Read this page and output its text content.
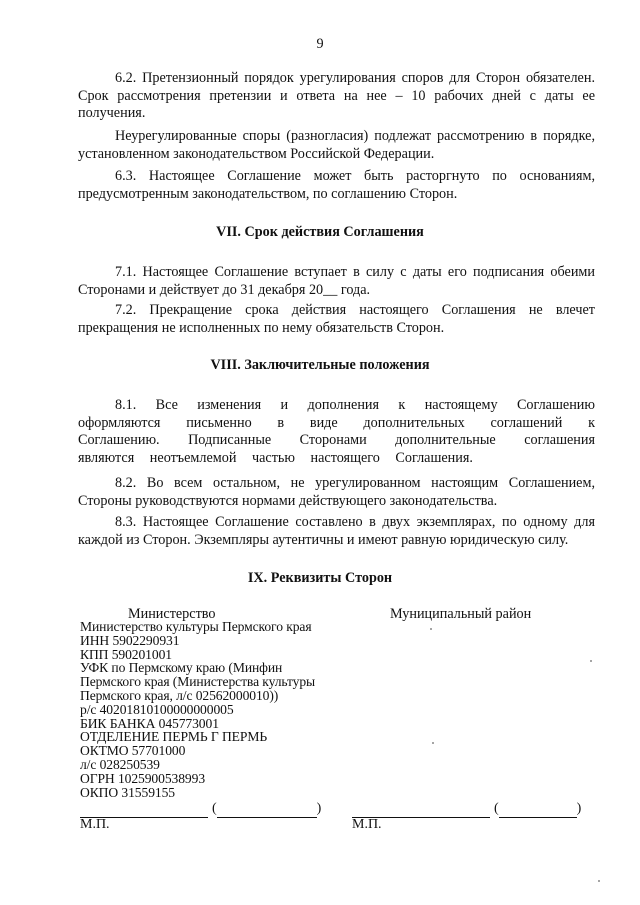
9

6.2. Претензионный порядок урегулирования споров для Сторон обязателен. Срок рассмотрения претензии и ответа на нее – 10 рабочих дней с даты ее получения.

Неурегулированные споры (разногласия) подлежат рассмотрению в порядке, установленном законодательством Российской Федерации.

6.3. Настоящее Соглашение может быть расторгнуто по основаниям, предусмотренным законодательством, по соглашению Сторон.

VII. Срок действия Соглашения

7.1. Настоящее Соглашение вступает в силу с даты его подписания обеими Сторонами и действует до 31 декабря 20__ года.

7.2. Прекращение срока действия настоящего Соглашения не влечет прекращения не исполненных по нему обязательств Сторон.

VIII. Заключительные положения

8.1. Все изменения и дополнения к настоящему Соглашению оформляются письменно в виде дополнительных соглашений к Соглашению. Подписанные Сторонами дополнительные соглашения являются неотъемлемой частью настоящего Соглашения.

8.2. Во всем остальном, не урегулированном настоящим Соглашением, Стороны руководствуются нормами действующего законодательства.

8.3. Настоящее Соглашение составлено в двух экземплярах, по одному для каждой из Сторон. Экземпляры аутентичны и имеют равную юридическую силу.

IX. Реквизиты Сторон

Министерство	Муниципальный район
Министерство культуры Пермского края
ИНН 5902290931
КПП 590201001
УФК по Пермскому краю (Минфин
Пермского края (Министерства культуры
Пермского края, л/с 02562000010))
р/с 40201810100000000005
БИК БАНКА 045773001
ОТДЕЛЕНИЕ ПЕРМЬ Г ПЕРМЬ
ОКТМО 57701000
л/с 028250539
ОГРН 1025900538993
ОКПО 31559155
(	)	(	)
М.П.	М.П.
